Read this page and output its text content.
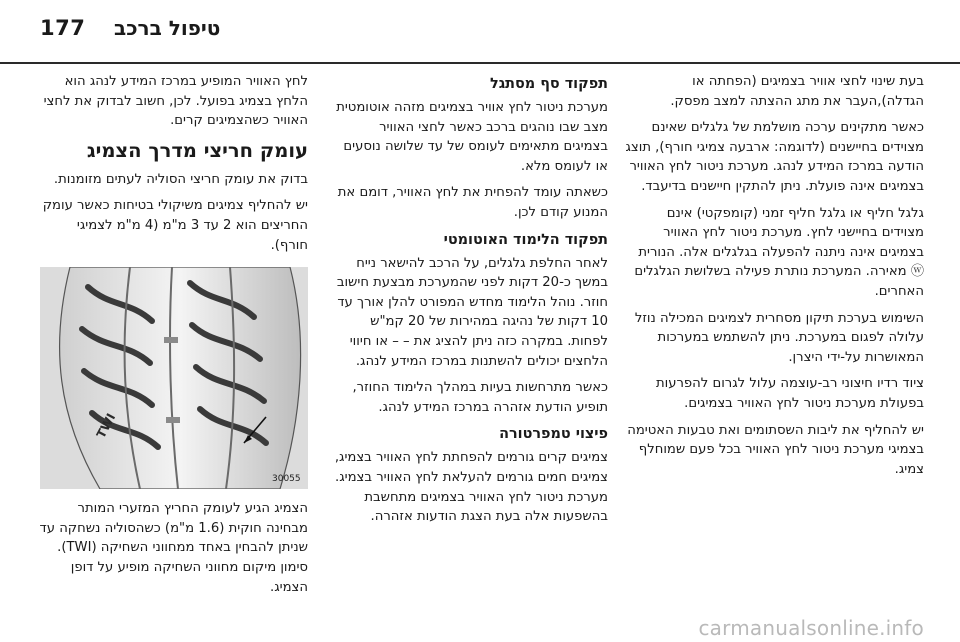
177 טיפול ברכב

בעת שינוי לחצי אוויר בצמיגים (הפחתה או הגדלה),העבר את מתג ההצתה למצב מפסק.

כאשר מתקינים ערכה מושלמת של גלגלים שאינם מצוידים בחיישנים (לדוגמה: ארבעה צמיגי חורף), תוצג הודעה במרכז המידע לנהג. מערכת ניטור לחץ האוויר בצמיגים אינה פועלת. ניתן להתקין חיישנים בדיעבד.

גלגל חליף או גלגל חליף זמני (קומפקטי) אינם מצוידים בחיישני לחץ. מערכת ניטור לחץ האוויר בצמיגים אינה ניתנה להפעלה בגלגלים אלה. הנורית ⓦ מאירה. המערכת נותרת פעילה בשלושת הגלגלים האחרים.

השימוש בערכת תיקון מסחרית לצמיגים המכילה נוזל עלולה לפגום במערכת. ניתן להשתמש במערכות המאושרות על-ידי היצרן.

ציוד רדיו חיצוני רב-עוצמה עלול לגרום להפרעות בפעולת מערכת ניטור לחץ האוויר בצמיגים.

יש להחליף את ליבות השסתומים ואת טבעות האטימה בצמיגי מערכת ניטור לחץ האוויר בכל פעם שמוחלף צמיג.

תפקוד סף מסתגל

מערכת ניטור לחץ אוויר בצמיגים מזהה אוטומטית מצב שבו נוהגים ברכב כאשר לחצי האוויר בצמיגים מתאימים לעומס של עד שלושה נוסעים או לעומס מלא.

כשאתה עומד להפחית את לחץ האוויר, דומם את המנוע קודם לכן.

תפקוד הלימוד האוטומטי

לאחר החלפת גלגלים, על הרכב להישאר נייח במשך כ-20 דקות לפני שהמערכת מבצעת חישוב חוזר. נוהל הלימוד מחדש המפורט להלן אורך עד 10 דקות של נהיגה במהירות של 20 קמ"ש לפחות. במקרה כזה ניתן להציג את – – או חיווי הלחצים יכולים להשתנות במרכז המידע לנהג.

כאשר מתרחשות בעיות במהלך הלימוד החוזר, תופיע הודעת אזהרה במרכז המידע לנהג.

פיצוי טמפרטורה

צמיגים קרים גורמים להפחתת לחץ האוויר בצמיג, צמיגים חמים גורמים להעלאת לחץ האוויר בצמיג. מערכת ניטור לחץ האוויר בצמיגים מתחשבת בהשפעות אלה בעת הצגת הודעות אזהרה.

לחץ האוויר המופיע במרכז המידע לנהג הוא הלחץ בצמיג בפועל. לכן, חשוב לבדוק את לחצי האוויר כשהצמיגים קרים.

עומק חריצי מדרך הצמיג

בדוק את עומק חריצי הסוליה לעתים מזומנות.

יש להחליף צמיגים משיקולי בטיחות כאשר עומק החריצים הוא 2 עד 3 מ"מ (4 מ"מ לצמיגי חורף).

TWI
30055

הצמיג הגיע לעומק החריץ המזערי המותר מבחינה חוקית (1.6 מ"מ) כשהסוליה נשחקה עד שניתן להבחין באחד ממחווני השחיקה (TWI). סימון מיקום מחווני השחיקה מופיע על דופן הצמיג.

carmanualsonline.info
